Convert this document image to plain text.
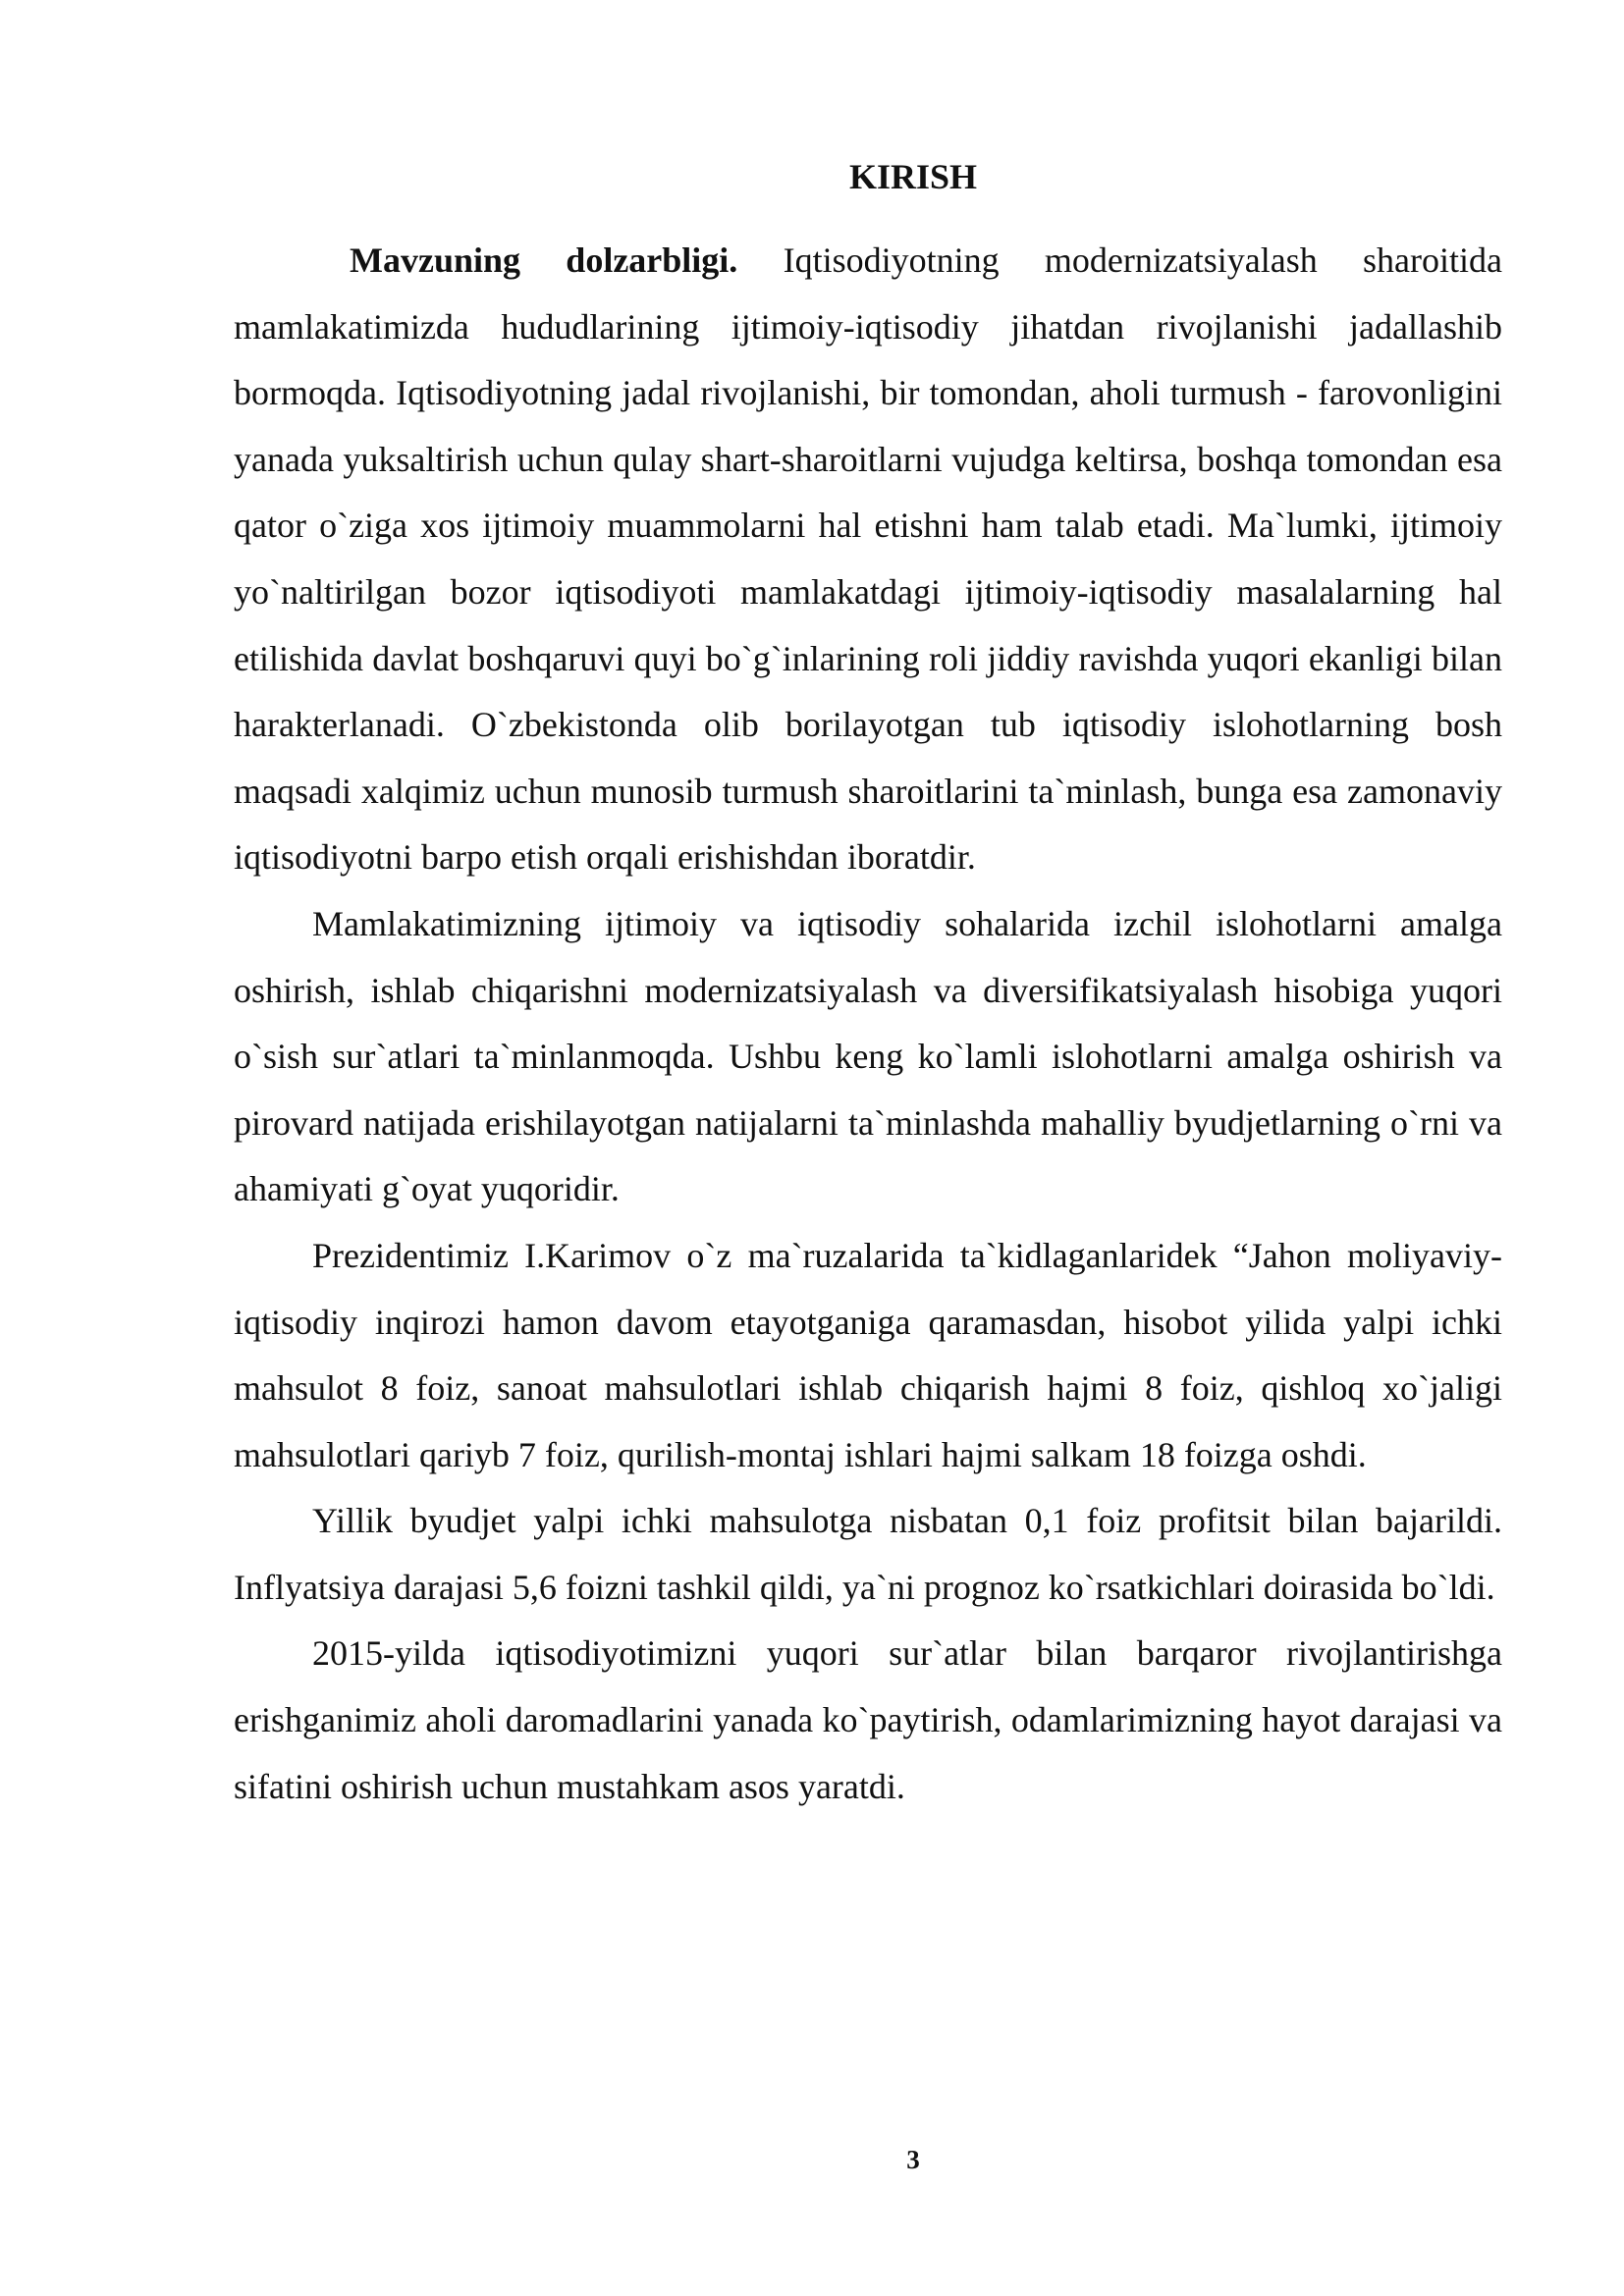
KIRISH

Mavzuning dolzarbligi. Iqtisodiyotning modernizatsiyalash sharoitida mamlakatimizda hududlarining ijtimoiy-iqtisodiy jihatdan rivojlanishi jadallashib bormoqda. Iqtisodiyotning jadal rivojlanishi, bir tomondan, aholi turmush - farovonligini yanada yuksaltirish uchun qulay shart-sharoitlarni vujudga keltirsa, boshqa tomondan esa qator o`ziga xos ijtimoiy muammolarni hal etishni ham talab etadi. Ma`lumki, ijtimoiy yo`naltirilgan bozor iqtisodiyoti mamlakatdagi ijtimoiy-iqtisodiy masalalarning hal etilishida davlat boshqaruvi quyi bo`g`inlarining roli jiddiy ravishda yuqori ekanligi bilan harakterlanadi. O`zbekistonda olib borilayotgan tub iqtisodiy islohotlarning bosh maqsadi xalqimiz uchun munosib turmush sharoitlarini ta`minlash, bunga esa zamonaviy iqtisodiyotni barpo etish orqali erishishdan iboratdir.

Mamlakatimizning ijtimoiy va iqtisodiy sohalarida izchil islohotlarni amalga oshirish, ishlab chiqarishni modernizatsiyalash va diversifikatsiyalash hisobiga yuqori o`sish sur`atlari ta`minlanmoqda. Ushbu keng ko`lamli islohotlarni amalga oshirish va pirovard natijada erishilayotgan natijalarni ta`minlashda mahalliy byudjetlarning o`rni va ahamiyati g`oyat yuqoridir.

Prezidentimiz I.Karimov o`z ma`ruzalarida ta`kidlaganlaridek “Jahon moliyaviy-iqtisodiy inqirozi hamon davom etayotganiga qaramasdan, hisobot yilida yalpi ichki mahsulot 8 foiz, sanoat mahsulotlari ishlab chiqarish hajmi 8 foiz, qishloq xo`jaligi mahsulotlari qariyb 7 foiz, qurilish-montaj ishlari hajmi salkam 18 foizga oshdi.

Yillik byudjet yalpi ichki mahsulotga nisbatan 0,1 foiz profitsit bilan bajarildi. Inflyatsiya darajasi 5,6 foizni tashkil qildi, ya`ni prognoz ko`rsatkichlari doirasida bo`ldi.

2015-yilda iqtisodiyotimizni yuqori sur`atlar bilan barqaror rivojlantirishga erishganimiz aholi daromadlarini yanada ko`paytirish, odamlarimizning hayot darajasi va sifatini oshirish uchun mustahkam asos yaratdi.

3
